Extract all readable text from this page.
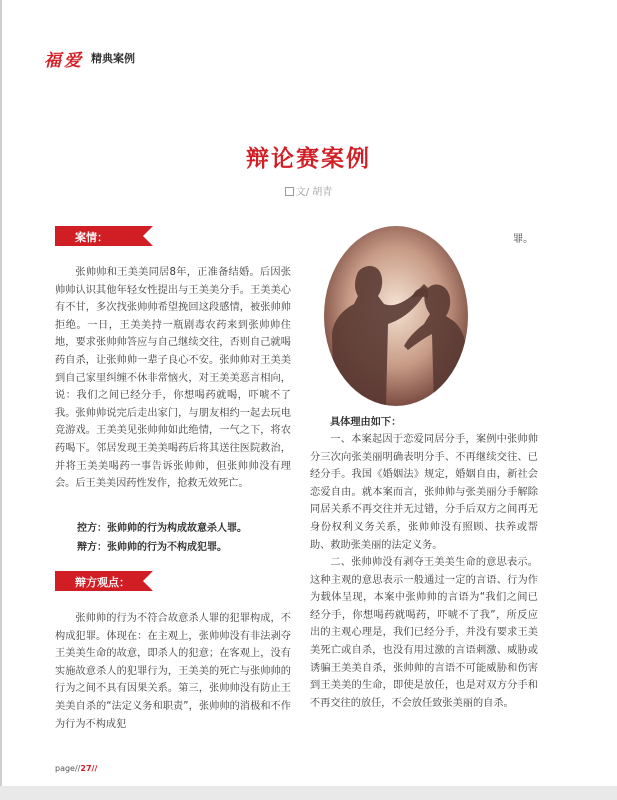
福爱 精典案例
辩论赛案例
文/ 胡青
案情：

张帅帅和王美美同居8年，正准备结婚。后因张帅帅认识其他年轻女性提出与王美美分手。王美美心有不甘，多次找张帅帅希望挽回这段感情，被张帅帅拒绝。一日，王美美持一瓶剧毒农药来到张帅帅住地，要求张帅帅答应与自己继续交往，否则自己就喝药自杀，让张帅帅一辈子良心不安。张帅帅对王美美到自己家里纠缠不休非常恼火，对王美美恶言相向，说：我们之间已经分手，你想喝药就喝，吓唬不了我。张帅帅说完后走出家门，与朋友相约一起去玩电竞游戏。王美美见张帅帅如此绝情，一气之下，将农药喝下。邻居发现王美美喝药后将其送往医院救治，并将王美美喝药一事告诉张帅帅，但张帅帅没有理会。后王美美因药性发作，抢救无效死亡。

控方：张帅帅的行为构成故意杀人罪。
辩方：张帅帅的行为不构成犯罪。
辩方观点：

张帅帅的行为不符合故意杀人罪的犯罪构成，不构成犯罪。体现在：在主观上，张帅帅没有非法剥夺王美美生命的故意，即杀人的犯意；在客观上，没有实施故意杀人的犯罪行为，王美美的死亡与张帅帅的行为之间不具有因果关系。第三，张帅帅没有防止王美美自杀的“法定义务和职责”，张帅帅的消极和不作为行为不构成犯

罪。
具体理由如下：

一、本案起因于恋爱同居分手，案例中张帅帅分三次向张美丽明确表明分手、不再继续交往、已经分手。我国《婚姻法》规定，婚姻自由，新社会恋爱自由。就本案而言，张帅帅与张美丽分手解除同居关系不再交往并无过错，分手后双方之间再无身份权利义务关系，张帅帅没有照顾、扶养或帮助、救助张美丽的法定义务。

二、张帅帅没有剥夺王美美生命的意思表示。这种主观的意思表示一般通过一定的言语、行为作为载体呈现，本案中张帅帅的言语为“我们之间已经分手，你想喝药就喝药，吓唬不了我”，所反应出的主观心理是，我们已经分手，并没有要求王美美死亡或自杀，也没有用过激的言语刺激、威胁或诱骗王美美自杀，张帅帅的言语不可能威胁和伤害到王美美的生命，即使是放任，也是对双方分手和不再交往的放任，不会放任致张美丽的自杀。

page//27//
